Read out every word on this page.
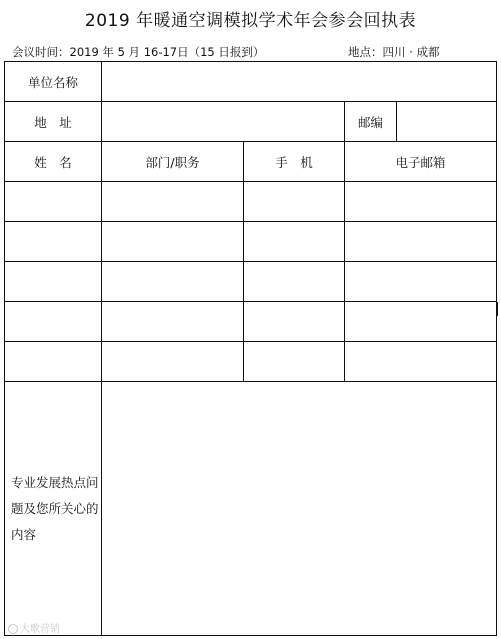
2019 年暖通空调模拟学术年会参会回执表
会议时间：2019 年 5 月 16-17日（15 日报到）	地点：四川 · 成都
单位名称				
地　址			邮编	
姓　名	部门/职务	手　机	电子邮箱	

专业发展热点问题及您所关心的内容				
大歌营销
